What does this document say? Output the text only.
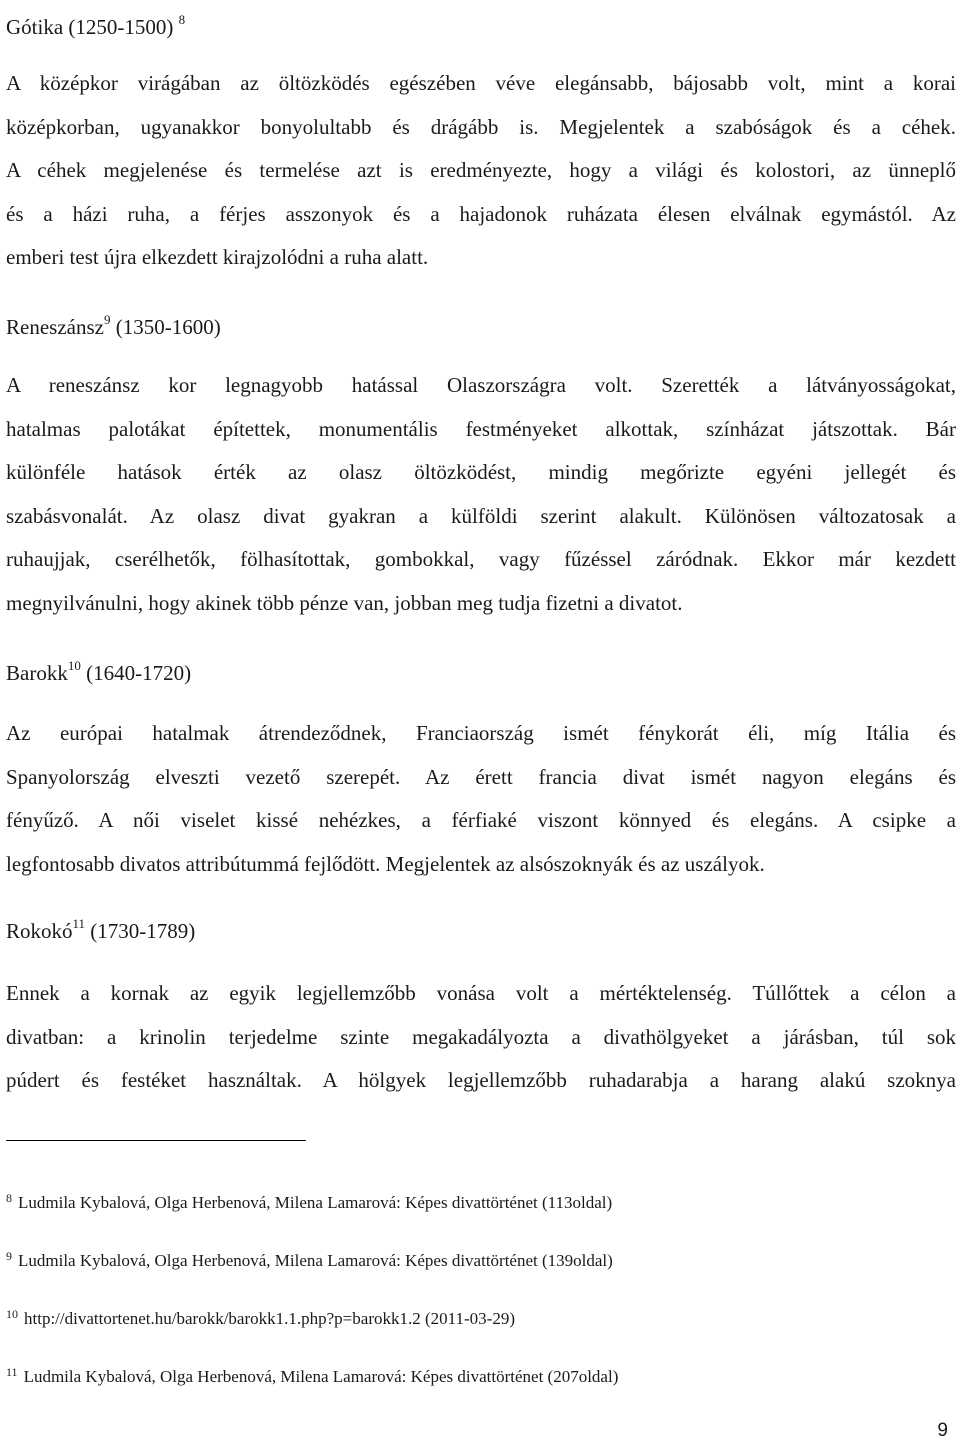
Gótika (1250-1500) $^8$
A középkor virágában az öltözködés egészében véve elegánsabb, bájosabb volt, mint a korai
középkorban, ugyanakkor bonyolultabb és drágább is. Megjelentek a szabóságok és a céhek.
A céhek megjelenése és termelése azt is eredményezte, hogy a világi és kolostori, az ünneplő
és a házi ruha, a férjes asszonyok és a hajadonok ruházata élesen elválnak egymástól. Az
emberi test újra elkezdett kirajzolódni a ruha alatt.
Reneszánsz$^9$ (1350-1600)
A reneszánsz kor legnagyobb hatással Olaszországra volt. Szerették a látványosságokat,
hatalmas palotákat építettek, monumentális festményeket alkottak, színházat játszottak. Bár
különféle hatások érték az olasz öltözködést, mindig megőrizte egyéni jellegét és
szabásvonalát. Az olasz divat gyakran a külföldi szerint alakult. Különösen változatosak a
ruhaujjak, cserélhetők, fölhasítottak, gombokkal, vagy fűzéssel záródnak. Ekkor már kezdett
megnyilvánulni, hogy akinek több pénze van, jobban meg tudja fizetni a divatot.
Barokk$^{10}$ (1640-1720)
Az európai hatalmak átrendeződnek, Franciaország ismét fénykorát éli, míg Itália és
Spanyolország elveszti vezető szerepét. Az érett francia divat ismét nagyon elegáns és
fényűző. A női viselet kissé nehézkes, a férfiaké viszont könnyed és elegáns. A csipke a
legfontosabb divatos attribútummá fejlődött. Megjelentek az alsószoknyák és az uszályok.
Rokokó$^{11}$ (1730-1789)
Ennek a kornak az egyik legjellemzőbb vonása volt a mértéktelenség. Túllőttek a célon a
divatban: a krinolin terjedelme szinte megakadályozta a divathölgyeket a járásban, túl sok
púdert és festéket használtak. A hölgyek legjellemzőbb ruhadarabja a harang alakú szoknya
$^8$ Ludmila Kybalová, Olga Herbenová, Milena Lamarová: Képes divattörténet (113oldal)
$^9$ Ludmila Kybalová, Olga Herbenová, Milena Lamarová: Képes divattörténet (139oldal)
$^{10}$ http://divattortenet.hu/barokk/barokk1.1.php?p=barokk1.2 (2011-03-29)
$^{11}$ Ludmila Kybalová, Olga Herbenová, Milena Lamarová: Képes divattörténet (207oldal)
9
